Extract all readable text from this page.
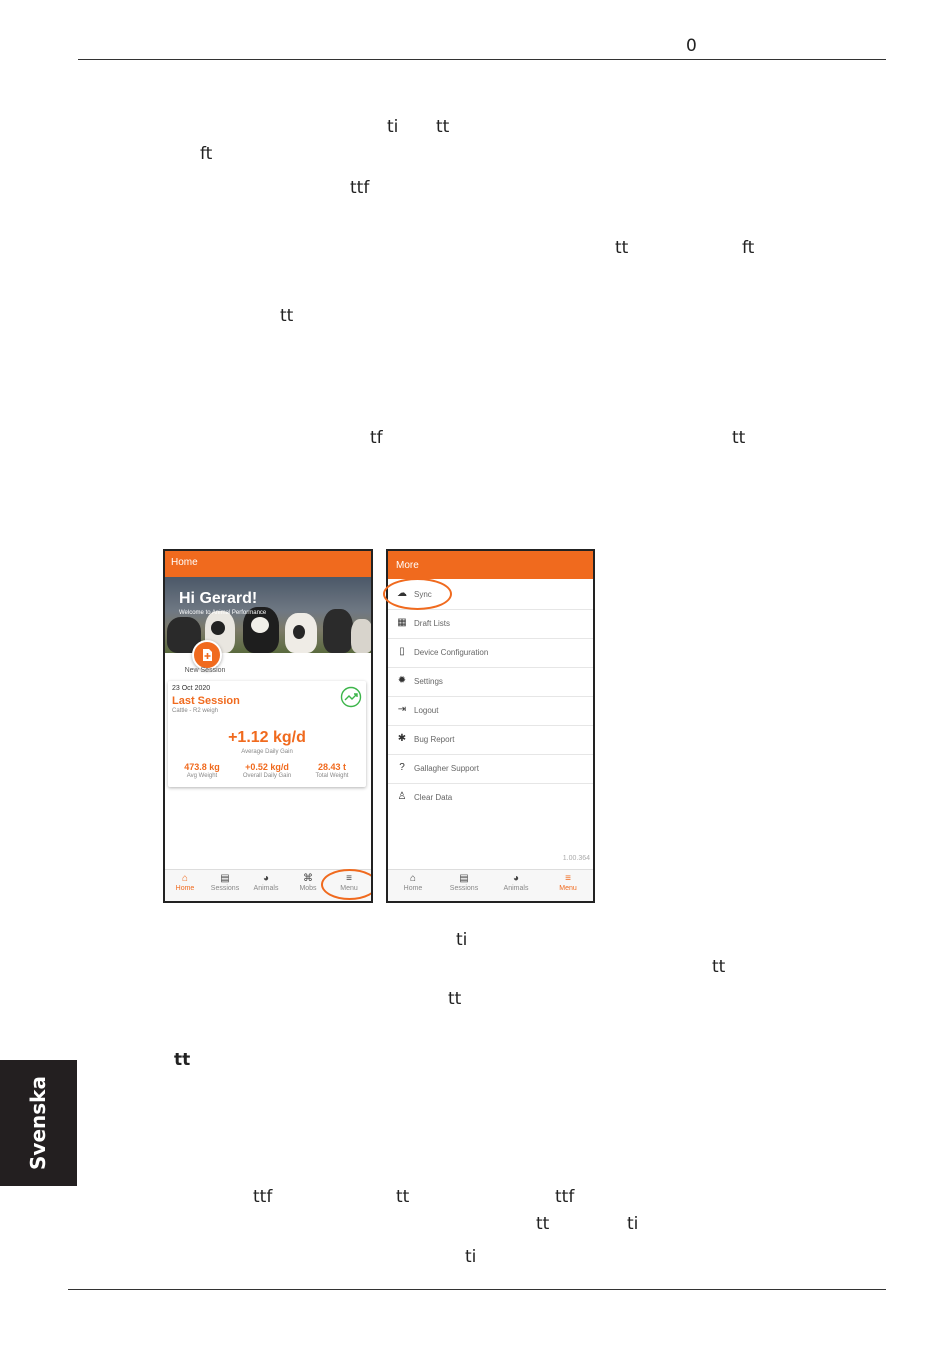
0
ti tt
ft
ttf
tt	ft
tt
tf	tt
ti
tt
tt
tt
ttf	tt	ttf
tt	ti
ti
Svenska
Home
Hi Gerard!
Welcome to Animal Performance
New Session
23 Oct 2020
Last Session
Cattle - R2 weigh
+1.12 kg/d
Average Daily Gain
473.8 kg
Avg Weight
+0.52 kg/d
Overall Daily Gain
28.43 t
Total Weight
⌂
Home
▤
Sessions
◕
Animals
⌘
Mobs
≡
Menu
More
☁ Sync
▦ Draft Lists
▯	Device Configuration
✹ Settings
⇥ Logout
✱ Bug Report
?	Gallagher Support
♙ Clear Data
1.00.364
⌂
Home
▤
Sessions
◕
Animals
≡
Menu
